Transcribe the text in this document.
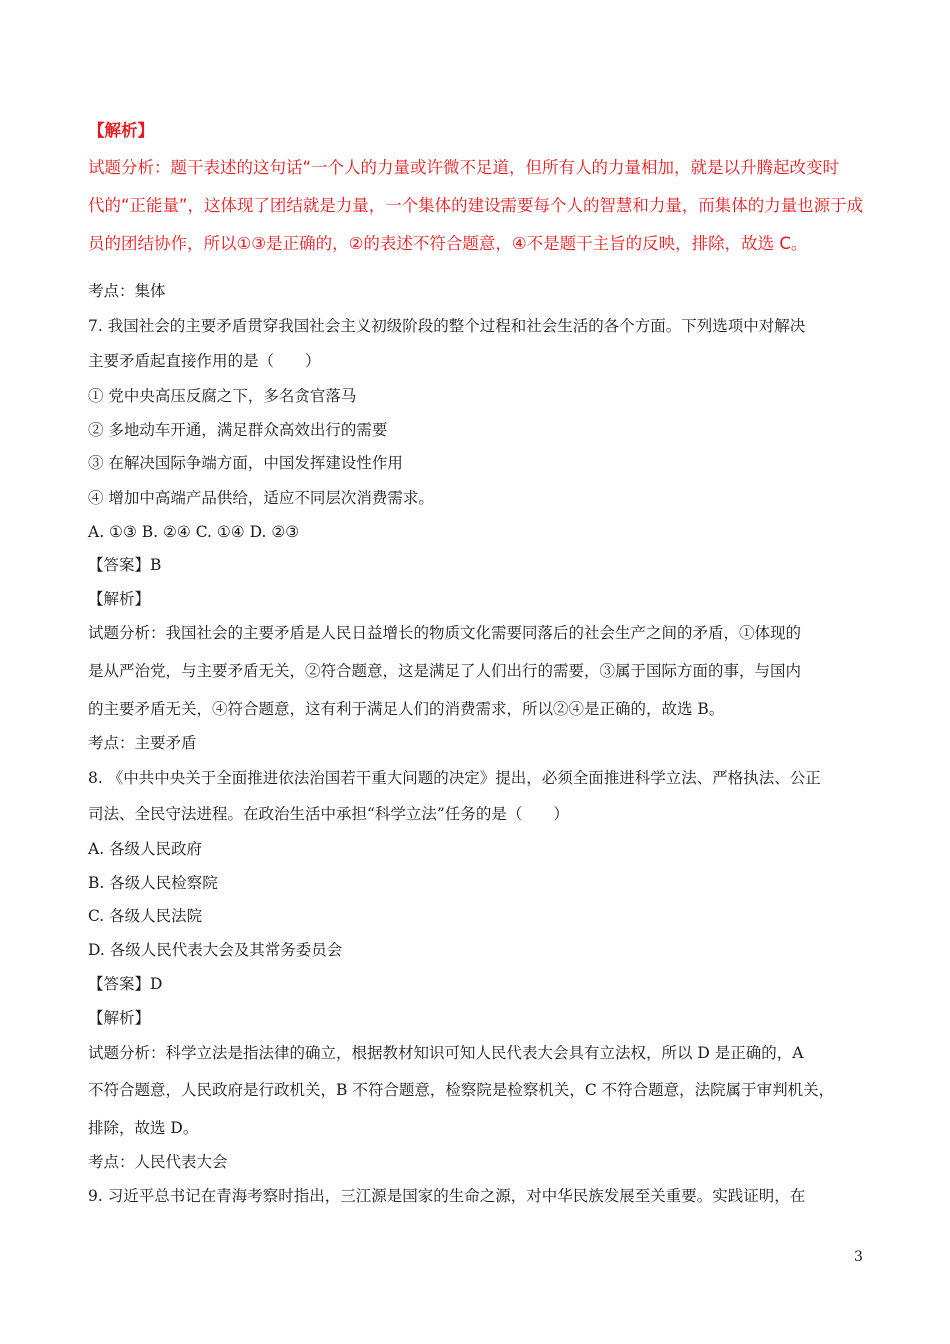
【解析】
试题分析：题干表述的这句话“一个人的力量或许微不足道，但所有人的力量相加，就是以升腾起改变时
代的“正能量”，这体现了团结就是力量，一个集体的建设需要每个人的智慧和力量，而集体的力量也源于成
员的团结协作，所以①③是正确的，②的表述不符合题意，④不是题干主旨的反映，排除，故选 C。
考点：集体
7. 我国社会的主要矛盾贯穿我国社会主义初级阶段的整个过程和社会生活的各个方面。下列选项中对解决
主要矛盾起直接作用的是（　　）
① 党中央高压反腐之下，多名贪官落马
② 多地动车开通，满足群众高效出行的需要
③ 在解决国际争端方面，中国发挥建设性作用
④ 增加中高端产品供给，适应不同层次消费需求。
A. ①③ B. ②④ C. ①④ D. ②③
【答案】B
【解析】
试题分析：我国社会的主要矛盾是人民日益增长的物质文化需要同落后的社会生产之间的矛盾，①体现的
是从严治党，与主要矛盾无关，②符合题意，这是满足了人们出行的需要，③属于国际方面的事，与国内
的主要矛盾无关，④符合题意，这有利于满足人们的消费需求，所以②④是正确的，故选 B。
考点：主要矛盾
8. 《中共中央关于全面推进依法治国若干重大问题的决定》提出，必须全面推进科学立法、严格执法、公正
司法、全民守法进程。在政治生活中承担“科学立法”任务的是（　　）
A. 各级人民政府
B. 各级人民检察院
C. 各级人民法院
D. 各级人民代表大会及其常务委员会
【答案】D
【解析】
试题分析：科学立法是指法律的确立，根据教材知识可知人民代表大会具有立法权，所以 D 是正确的，A
不符合题意，人民政府是行政机关，B 不符合题意，检察院是检察机关，C 不符合题意，法院属于审判机关，
排除，故选 D。
考点：人民代表大会
9. 习近平总书记在青海考察时指出，三江源是国家的生命之源，对中华民族发展至关重要。实践证明，在
3
